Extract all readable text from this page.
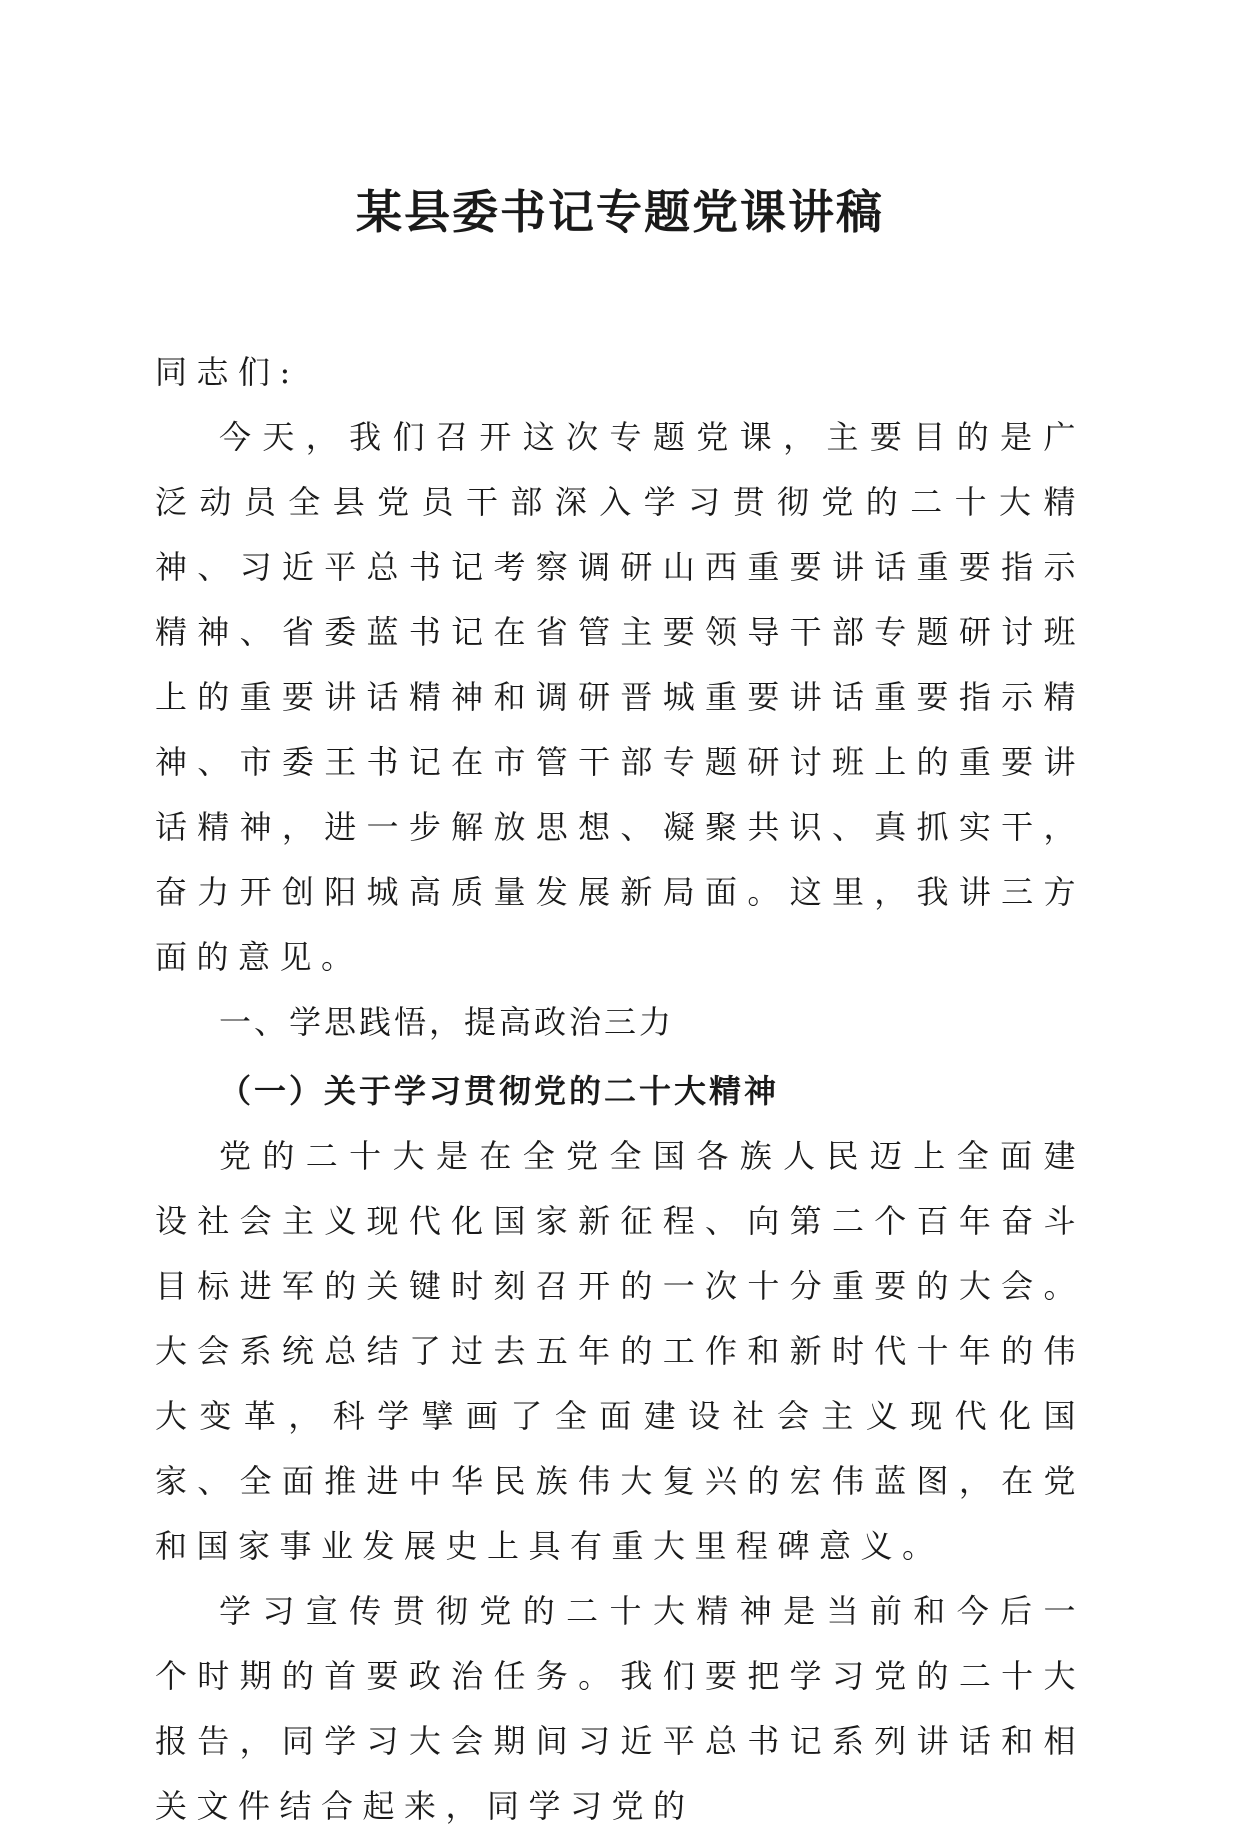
某县委书记专题党课讲稿

同志们:

今天，我们召开这次专题党课，主要目的是广泛动员全县党员干部深入学习贯彻党的二十大精神、习近平总书记考察调研山西重要讲话重要指示精神、省委蓝书记在省管主要领导干部专题研讨班上的重要讲话精神和调研晋城重要讲话重要指示精神、市委王书记在市管干部专题研讨班上的重要讲话精神，进一步解放思想、凝聚共识、真抓实干，奋力开创阳城高质量发展新局面。这里，我讲三方面的意见。

一、学思践悟，提高政治三力

（一）关于学习贯彻党的二十大精神

党的二十大是在全党全国各族人民迈上全面建设社会主义现代化国家新征程、向第二个百年奋斗目标进军的关键时刻召开的一次十分重要的大会。大会系统总结了过去五年的工作和新时代十年的伟大变革，科学擘画了全面建设社会主义现代化国家、全面推进中华民族伟大复兴的宏伟蓝图，在党和国家事业发展史上具有重大里程碑意义。

学习宣传贯彻党的二十大精神是当前和今后一个时期的首要政治任务。我们要把学习党的二十大报告，同学习大会期间习近平总书记系列讲话和相关文件结合起来，同学习党的
